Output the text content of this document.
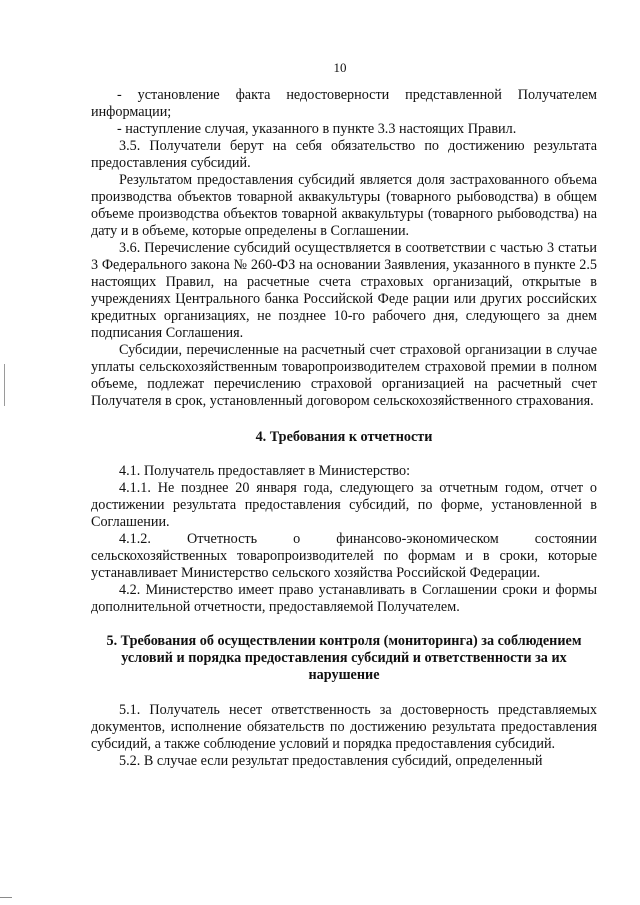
10

- установление факта недостоверности представленной Получателем информации;

- наступление случая, указанного в пункте 3.3 настоящих Правил.

3.5. Получатели берут на себя обязательство по достижению результата предоставления субсидий.

Результатом предоставления субсидий является доля застрахованного объема производства объектов товарной аквакультуры (товарного рыбоводства) в общем объеме производства объектов товарной аквакультуры (товарного рыбоводства) на дату и в объеме, которые определены в Соглашении.

3.6. Перечисление субсидий осуществляется в соответствии с частью 3 статьи 3 Федерального закона № 260-ФЗ на основании Заявления, указанного в пункте 2.5 настоящих Правил, на расчетные счета страховых организаций, открытые в учреждениях Центрального банка Российской Феде рации или других российских кредитных организациях, не позднее 10-го рабочего дня, следующего за днем подписания Соглашения.

Субсидии, перечисленные на расчетный счет страховой организации в случае уплаты сельскохозяйственным товаропроизводителем страховой премии в полном объеме, подлежат перечислению страховой организацией на расчетный счет Получателя в срок, установленный договором сельскохозяйственного страхования.

4. Требования к отчетности

4.1. Получатель предоставляет в Министерство:

4.1.1. Не позднее 20 января года, следующего за отчетным годом, отчет о достижении результата предоставления субсидий, по форме, установленной в Соглашении.

4.1.2. Отчетность о финансово-экономическом состоянии сельскохозяйственных товаропроизводителей по формам и в сроки, которые устанавливает Министерство сельского хозяйства Российской Федерации.

4.2. Министерство имеет право устанавливать в Соглашении сроки и формы дополнительной отчетности, предоставляемой Получателем.

5. Требования об осуществлении контроля (мониторинга) за соблюдением условий и порядка предоставления субсидий и ответственности за их нарушение

5.1. Получатель несет ответственность за достоверность представляемых документов, исполнение обязательств по достижению результата предоставления субсидий, а также соблюдение условий и порядка предоставления субсидий.

5.2. В случае если результат предоставления субсидий, определенный
